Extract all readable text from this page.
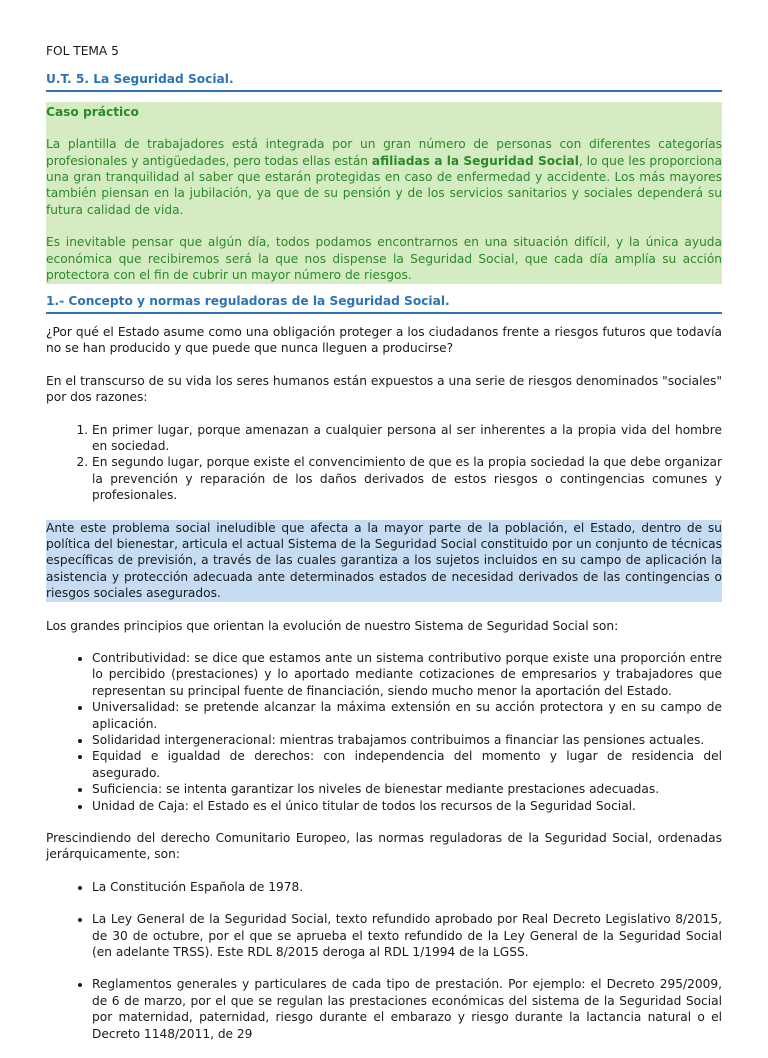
FOL TEMA 5

U.T. 5. La Seguridad Social.

Caso práctico

La plantilla de trabajadores está integrada por un gran número de personas con diferentes categorías profesionales y antigüedades, pero todas ellas están afiliadas a la Seguridad Social, lo que les proporciona una gran tranquilidad al saber que estarán protegidas en caso de enfermedad y accidente. Los más mayores también piensan en la jubilación, ya que de su pensión y de los servicios sanitarios y sociales dependerá su futura calidad de vida.

Es inevitable pensar que algún día, todos podamos encontrarnos en una situación difícil, y la única ayuda económica que recibiremos será la que nos dispense la Seguridad Social, que cada día amplía su acción protectora con el fin de cubrir un mayor número de riesgos.

1.- Concepto y normas reguladoras de la Seguridad Social.

¿Por qué el Estado asume como una obligación proteger a los ciudadanos frente a riesgos futuros que todavía no se han producido y que puede que nunca lleguen a producirse?

En el transcurso de su vida los seres humanos están expuestos a una serie de riesgos denominados "sociales" por dos razones:

1. En primer lugar, porque amenazan a cualquier persona al ser inherentes a la propia vida del hombre en sociedad.
2. En segundo lugar, porque existe el convencimiento de que es la propia sociedad la que debe organizar la prevención y reparación de los daños derivados de estos riesgos o contingencias comunes y profesionales.

Ante este problema social ineludible que afecta a la mayor parte de la población, el Estado, dentro de su política del bienestar, articula el actual Sistema de la Seguridad Social constituido por un conjunto de técnicas específicas de previsión, a través de las cuales garantiza a los sujetos incluidos en su campo de aplicación la asistencia y protección adecuada ante determinados estados de necesidad derivados de las contingencias o riesgos sociales asegurados.

Los grandes principios que orientan la evolución de nuestro Sistema de Seguridad Social son:

• Contributividad: se dice que estamos ante un sistema contributivo porque existe una proporción entre lo percibido (prestaciones) y lo aportado mediante cotizaciones de empresarios y trabajadores que representan su principal fuente de financiación, siendo mucho menor la aportación del Estado.
• Universalidad: se pretende alcanzar la máxima extensión en su acción protectora y en su campo de aplicación.
• Solidaridad intergeneracional: mientras trabajamos contribuimos a financiar las pensiones actuales.
• Equidad e igualdad de derechos: con independencia del momento y lugar de residencia del asegurado.
• Suficiencia: se intenta garantizar los niveles de bienestar mediante prestaciones adecuadas.
• Unidad de Caja: el Estado es el único titular de todos los recursos de la Seguridad Social.

Prescindiendo del derecho Comunitario Europeo, las normas reguladoras de la Seguridad Social, ordenadas jerárquicamente, son:

• La Constitución Española de 1978.
• La Ley General de la Seguridad Social, texto refundido aprobado por Real Decreto Legislativo 8/2015, de 30 de octubre, por el que se aprueba el texto refundido de la Ley General de la Seguridad Social (en adelante TRSS). Este RDL 8/2015 deroga al RDL 1/1994 de la LGSS.
• Reglamentos generales y particulares de cada tipo de prestación. Por ejemplo: el Decreto 295/2009, de 6 de marzo, por el que se regulan las prestaciones económicas del sistema de la Seguridad Social por maternidad, paternidad, riesgo durante el embarazo y riesgo durante la lactancia natural o el Decreto 1148/2011, de 29
